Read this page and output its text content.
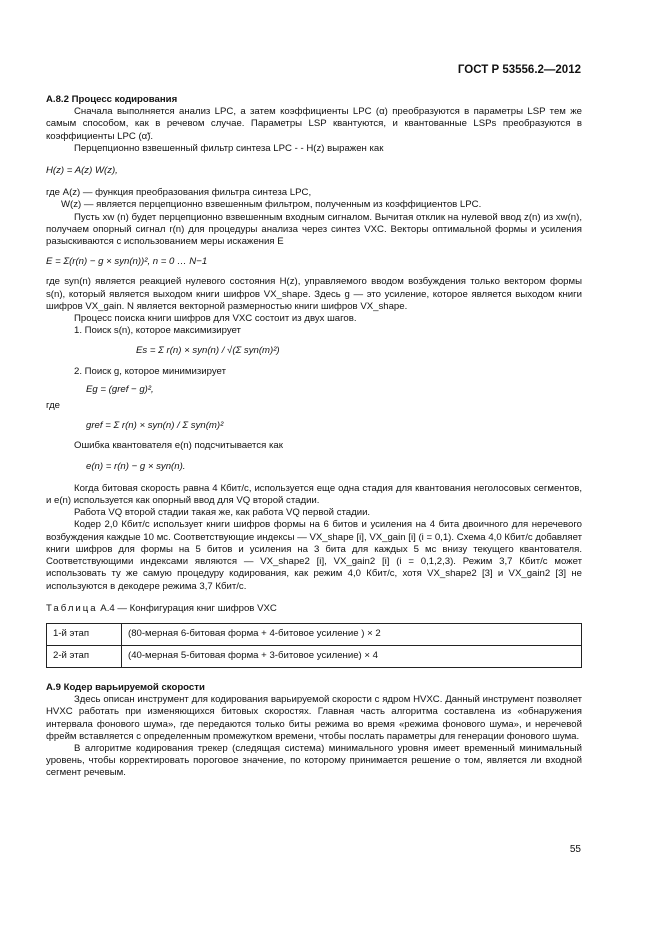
ГОСТ Р 53556.2—2012

А.8.2 Процесс кодирования

Сначала выполняется анализ LPC, а затем коэффициенты LPC (α) преобразуются в параметры LSP тем же самым способом, как в речевом случае. Параметры LSP квантуются, и квантованные LSPs преобразуются в коэффициенты LPC (α̃).

Перцепционно взвешенный фильтр синтеза LPC - - H(z) выражен как

H(z) = A(z) W(z),

где A(z) — функция преобразования фильтра синтеза LPC,

W(z) — является перцепционно взвешенным фильтром, полученным из коэффициентов LPC.

Пусть xw (n) будет перцепционно взвешенным входным сигналом. Вычитая отклик на нулевой ввод z(n) из xw(n), получаем опорный сигнал r(n) для процедуры анализа через синтез VXC. Векторы оптимальной формы и усиления разыскиваются с использованием меры искажения E

E = Σ(r(n) − g × syn(n))², n = 0 … N−1

где syn(n) является реакцией нулевого состояния H(z), управляемого вводом возбуждения только вектором формы s(n), который является выходом книги шифров VX_shape. Здесь g — это усиление, которое является выходом книги шифров VX_gain. N является векторной размерностью книги шифров VX_shape.

Процесс поиска книги шифров для VXC состоит из двух шагов.

1. Поиск s(n), которое максимизирует

Es = Σ r(n) × syn(n) / √(Σ syn(m)²)

2. Поиск g, которое минимизирует

Eg = (gref − g)²,

где

gref = Σ r(n) × syn(n) / Σ syn(m)²

Ошибка квантователя e(n) подсчитывается как

e(n) = r(n) − g × syn(n).

Когда битовая скорость равна 4 Кбит/с, используется еще одна стадия для квантования неголосовых сегментов, и e(n) используется как опорный ввод для VQ второй стадии.

Работа VQ второй стадии такая же, как работа VQ первой стадии.

Кодер 2,0 Кбит/с использует книги шифров формы на 6 битов и усиления на 4 бита двоичного для неречевого возбуждения каждые 10 мс. Соответствующие индексы — VX_shape [i], VX_gain [i] (i = 0,1). Схема 4,0 Кбит/с добавляет книги шифров для формы на 5 битов и усиления на 3 бита для каждых 5 мс внизу текущего квантователя. Соответствующими индексами являются — VX_shape2 [i], VX_gain2 [i] (i = 0,1,2,3). Режим 3,7 Кбит/с может использовать ту же самую процедуру кодирования, как режим 4,0 Кбит/с, хотя VX_shape2 [3] и VX_gain2 [3] не используются в декодере режима 3,7 Кбит/с.

Таблица А.4 — Конфигурация книг шифров VXC

1-й этап	(80-мерная 6-битовая форма + 4-битовое усиление ) × 2
2-й этап	(40-мерная 5-битовая форма + 3-битовое усиление) × 4

А.9 Кодер варьируемой скорости

Здесь описан инструмент для кодирования варьируемой скорости с ядром HVXC. Данный инструмент позволяет HVXC работать при изменяющихся битовых скоростях. Главная часть алгоритма составлена из «обнаружения интервала фонового шума», где передаются только биты режима во время «режима фонового шума», и неречевой фрейм вставляется с определенным промежутком времени, чтобы послать параметры для генерации фонового шума.

В алгоритме кодирования трекер (следящая система) минимального уровня имеет временный минимальный уровень, чтобы корректировать пороговое значение, по которому принимается решение о том, является ли входной сегмент речевым.

55
